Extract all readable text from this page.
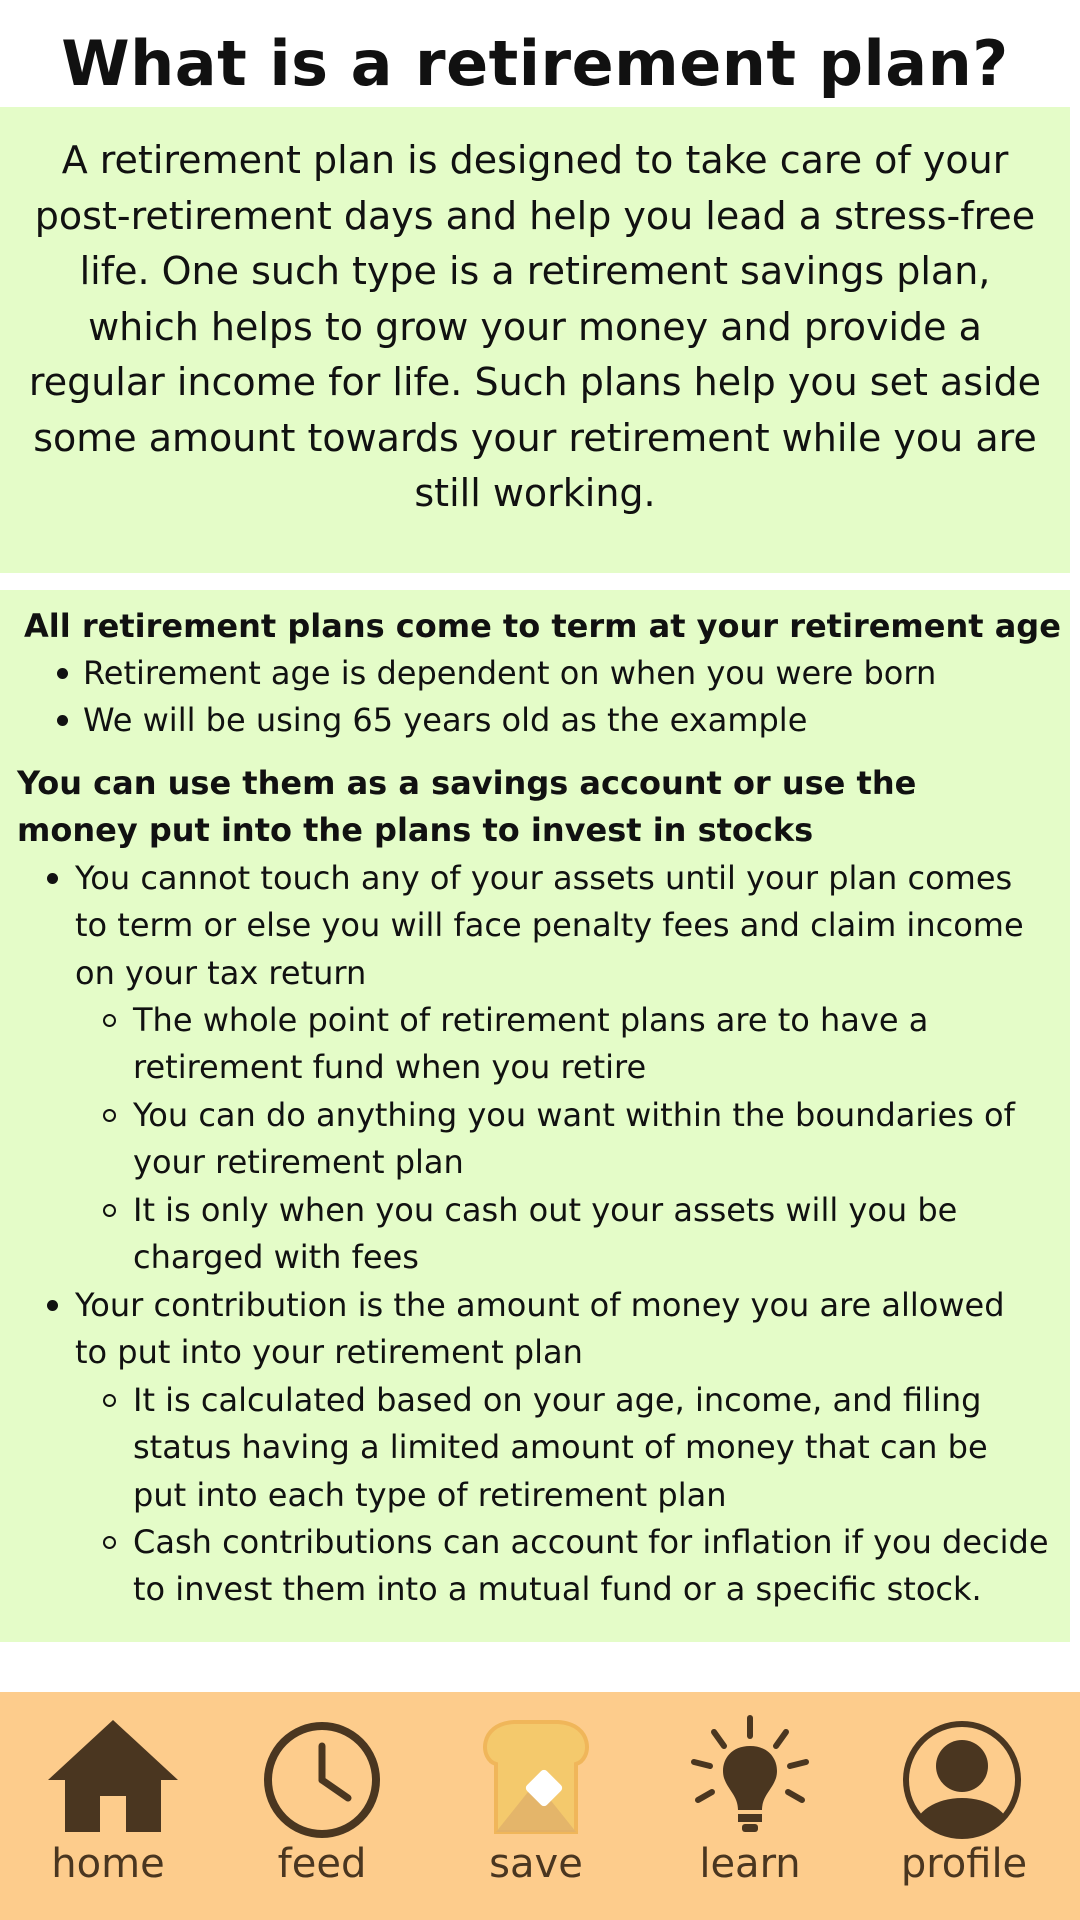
What is a retirement plan?

A retirement plan is designed to take care of your post-retirement days and help you lead a stress-free life. One such type is a retirement savings plan, which helps to grow your money and provide a regular income for life. Such plans help you set aside some amount towards your retirement while you are still working.

All retirement plans come to term at your retirement age

Retirement age is dependent on when you were born
We will be using 65 years old as the example

You can use them as a savings account or use the money put into the plans to invest in stocks

You cannot touch any of your assets until your plan comes to term or else you will face penalty fees and claim income on your tax return
The whole point of retirement plans are to have a retirement fund when you retire
You can do anything you want within the boundaries of your retirement plan
It is only when you cash out your assets will you be charged with fees
Your contribution is the amount of money you are allowed to put into your retirement plan
It is calculated based on your age, income, and filing status having a limited amount of money that can be put into each type of retirement plan
Cash contributions can account for inflation if you decide to invest them into a mutual fund or a specific stock.
home	feed	save	learn	profile
